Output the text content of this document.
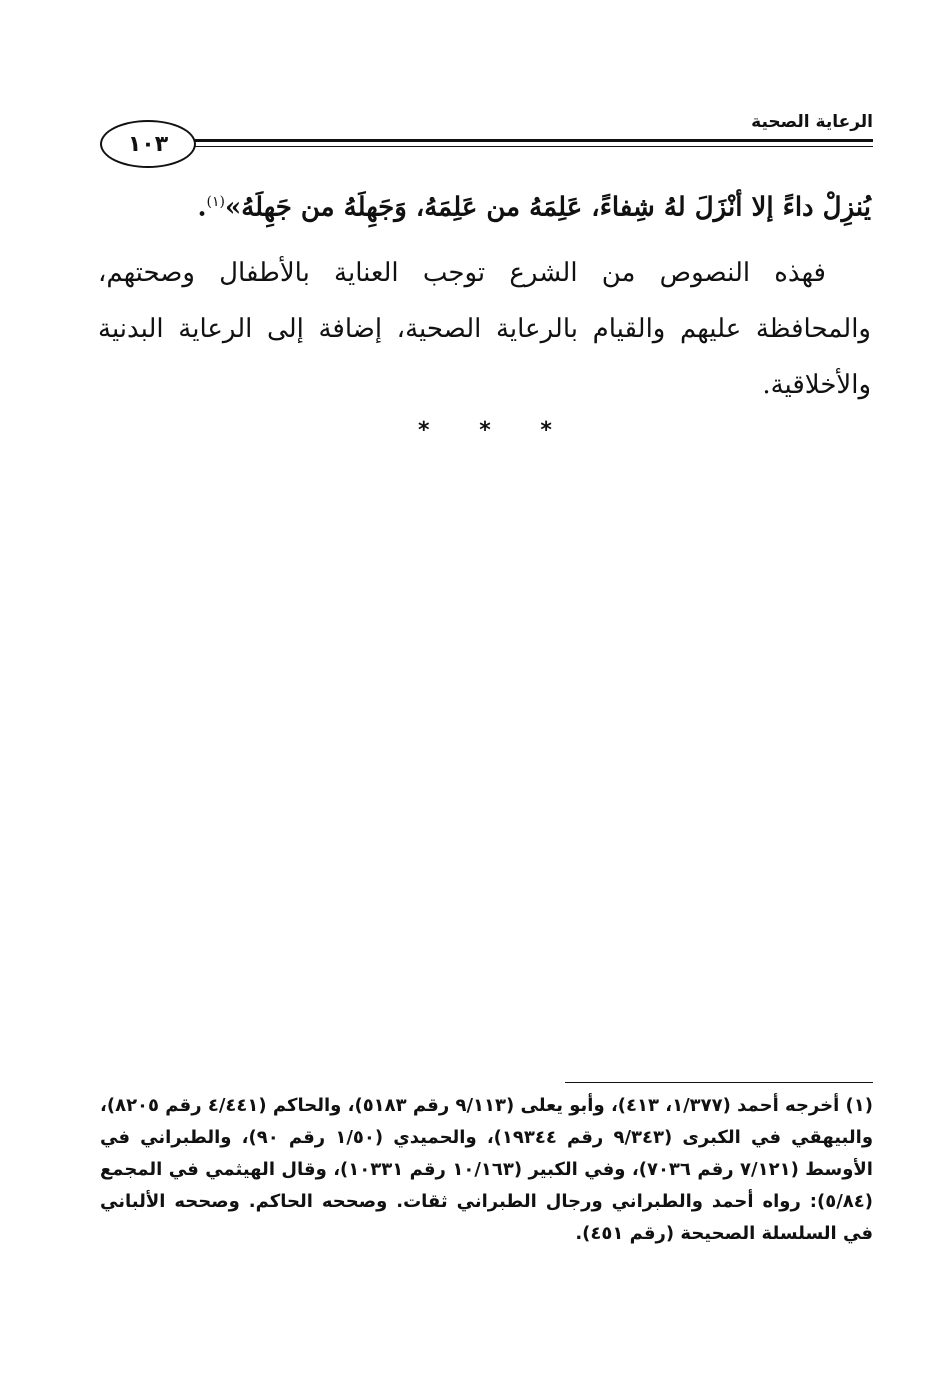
الرعاية الصحية
١٠٣
يُنزِلْ داءً إلا أنْزَلَ لهُ شِفاءً، عَلِمَهُ من عَلِمَهُ، وَجَهِلَهُ من جَهِلَهُ»$^{(١)}$.
فهذه النصوص من الشرع توجب العناية بالأطفال وصحتهم، والمحافظة عليهم والقيام بالرعاية الصحية، إضافة إلى الرعاية البدنية والأخلاقية.
* * *
(١) أخرجه أحمد (١/٣٧٧، ٤١٣)، وأبو يعلى (٩/١١٣ رقم ٥١٨٣)، والحاكم (٤/٤٤١ رقم ٨٢٠٥)، والبيهقي في الكبرى (٩/٣٤٣ رقم ١٩٣٤٤)، والحميدي (١/٥٠ رقم ٩٠)، والطبراني في الأوسط (٧/١٢١ رقم ٧٠٣٦)، وفي الكبير (١٠/١٦٣ رقم ١٠٣٣١)، وقال الهيثمي في المجمع (٥/٨٤): رواه أحمد والطبراني ورجال الطبراني ثقات. وصححه الحاكم. وصححه الألباني في السلسلة الصحيحة (رقم ٤٥١).
